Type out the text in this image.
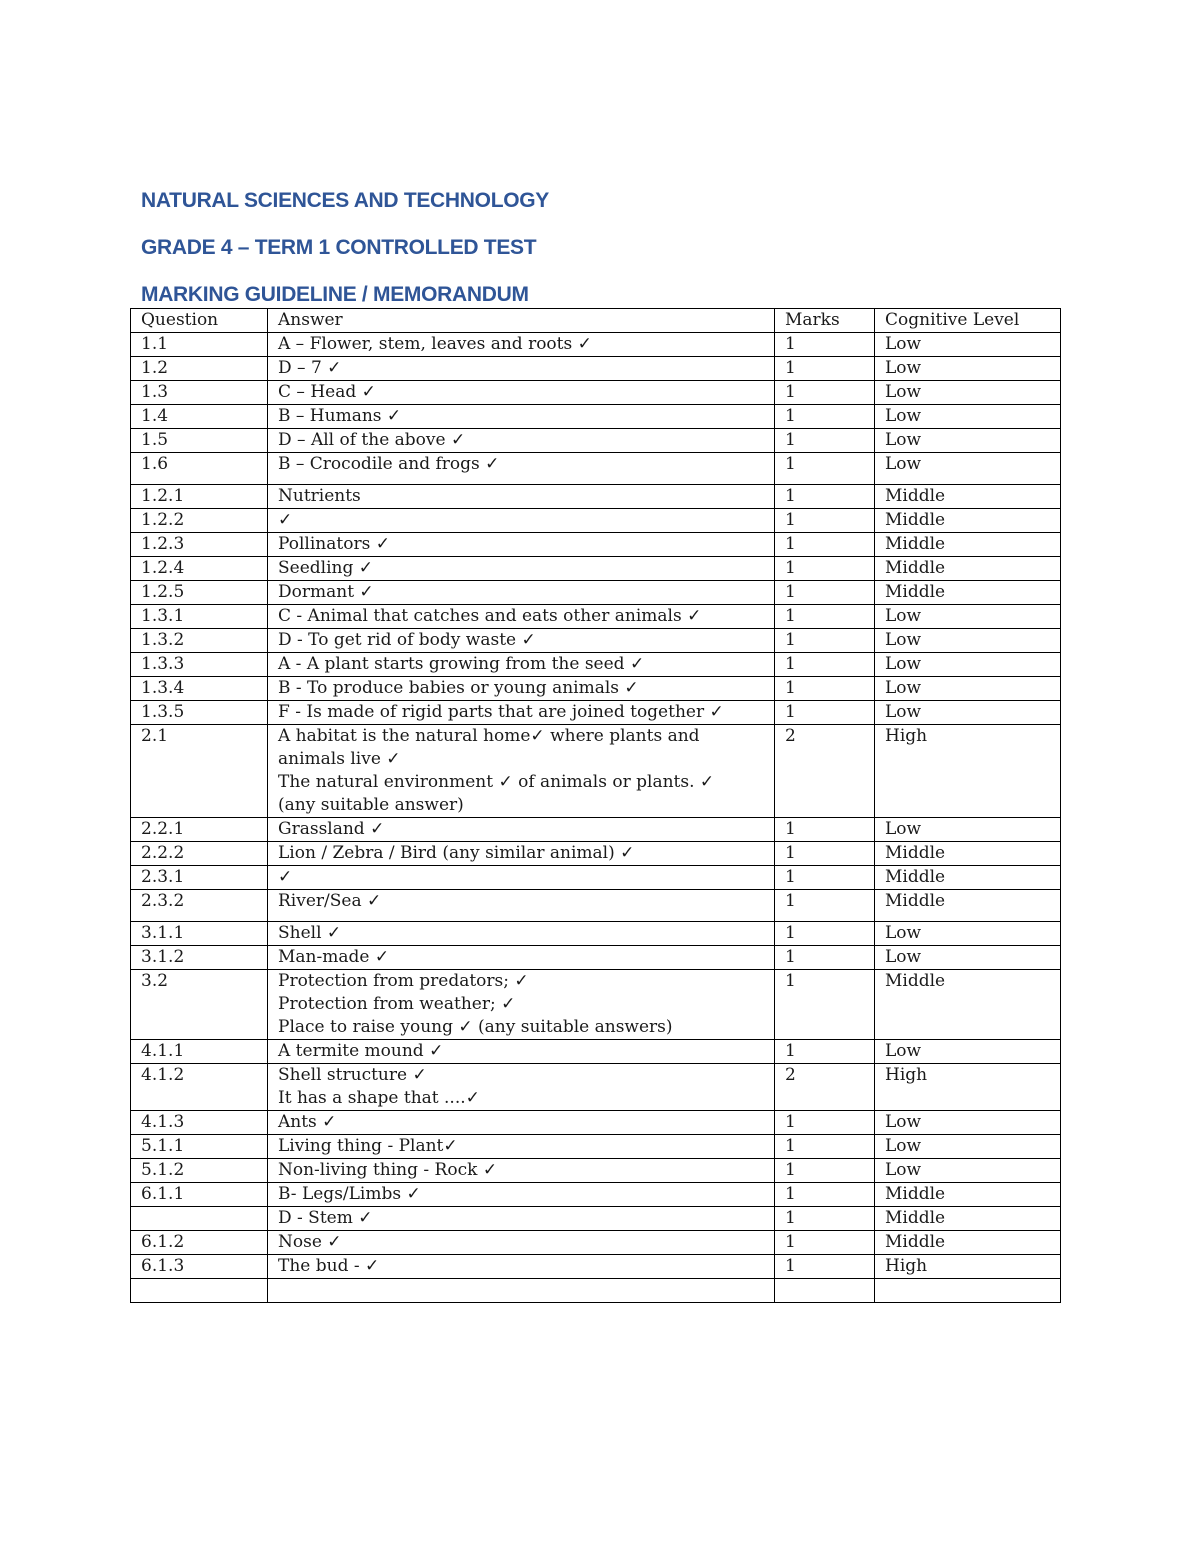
NATURAL SCIENCES AND TECHNOLOGY
GRADE 4 – TERM 1 CONTROLLED TEST
MARKING GUIDELINE / MEMORANDUM
Question	Answer	Marks	Cognitive Level
1.1	A – Flower, stem, leaves and roots ✓	1	Low
1.2	D – 7 ✓	1	Low
1.3	C – Head ✓	1	Low
1.4	B – Humans ✓	1	Low
1.5	D – All of the above ✓	1	Low
1.6	B – Crocodile and frogs ✓	1	Low
1.2.1	Nutrients	1	Middle
1.2.2	✓	1	Middle
1.2.3	Pollinators ✓	1	Middle
1.2.4	Seedling ✓	1	Middle
1.2.5	Dormant ✓	1	Middle
1.3.1	C - Animal that catches and eats other animals ✓	1	Low
1.3.2	D - To get rid of body waste ✓	1	Low
1.3.3	A - A plant starts growing from the seed ✓	1	Low
1.3.4	B - To produce babies or young animals ✓	1	Low
1.3.5	F - Is made of rigid parts that are joined together ✓	1	Low
2.1	A habitat is the natural home✓ where plants and
animals live ✓
The natural environment ✓ of animals or plants. ✓
(any suitable answer)	2	High
2.2.1	Grassland ✓	1	Low
2.2.2	Lion / Zebra / Bird (any similar animal) ✓	1	Middle
2.3.1	✓	1	Middle
2.3.2	River/Sea ✓	1	Middle
3.1.1	Shell ✓	1	Low
3.1.2	Man-made ✓	1	Low
3.2	Protection from predators; ✓
Protection from weather; ✓
Place to raise young ✓ (any suitable answers)	1	Middle
4.1.1	A termite mound ✓	1	Low
4.1.2	Shell structure ✓
It has a shape that ....✓	2	High
4.1.3	Ants ✓	1	Low
5.1.1	Living thing - Plant✓	1	Low
5.1.2	Non-living thing - Rock ✓	1	Low
6.1.1	B- Legs/Limbs ✓	1	Middle
	D - Stem ✓	1	Middle
6.1.2	Nose ✓	1	Middle
6.1.3	The bud - ✓	1	High
